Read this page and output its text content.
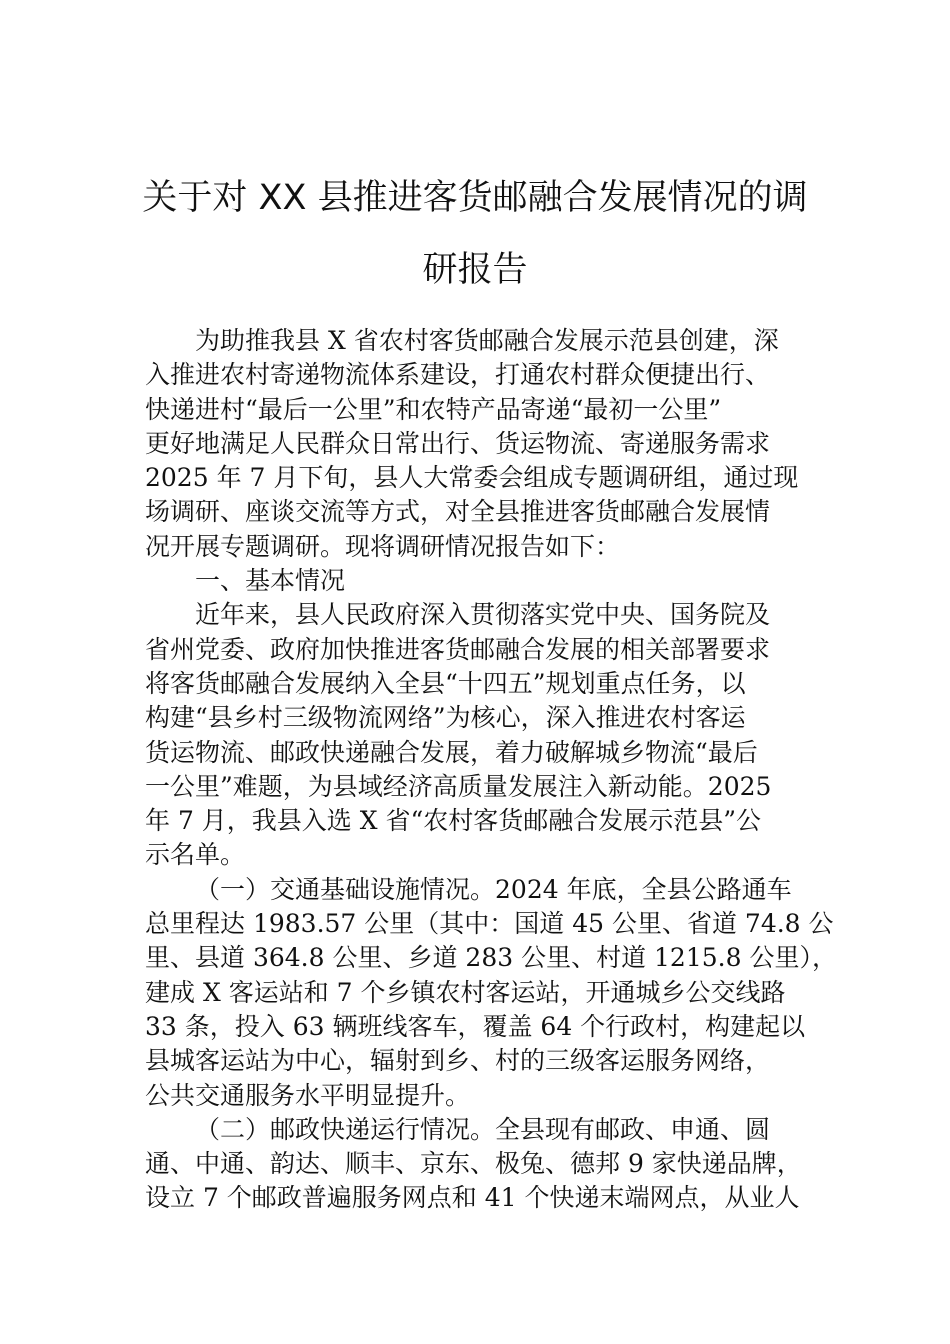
关于对 XX 县推进客货邮融合发展情况的调
研报告
为助推我县 X 省农村客货邮融合发展示范县创建，深
入推进农村寄递物流体系建设，打通农村群众便捷出行、
快递进村“最后一公里”和农特产品寄递“最初一公里”
更好地满足人民群众日常出行、货运物流、寄递服务需求
2025 年 7 月下旬，县人大常委会组成专题调研组，通过现
场调研、座谈交流等方式，对全县推进客货邮融合发展情
况开展专题调研。现将调研情况报告如下：
一、基本情况
近年来，县人民政府深入贯彻落实党中央、国务院及
省州党委、政府加快推进客货邮融合发展的相关部署要求
将客货邮融合发展纳入全县“十四五”规划重点任务，以
构建“县乡村三级物流网络”为核心，深入推进农村客运
货运物流、邮政快递融合发展，着力破解城乡物流“最后
一公里”难题，为县域经济高质量发展注入新动能。2025
年 7 月，我县入选 X 省“农村客货邮融合发展示范县”公
示名单。
（一）交通基础设施情况。2024 年底，全县公路通车
总里程达 1983.57 公里（其中：国道 45 公里、省道 74.8 公
里、县道 364.8 公里、乡道 283 公里、村道 1215.8 公里），
建成 X 客运站和 7 个乡镇农村客运站，开通城乡公交线路
33 条，投入 63 辆班线客车，覆盖 64 个行政村，构建起以
县城客运站为中心，辐射到乡、村的三级客运服务网络，
公共交通服务水平明显提升。
（二）邮政快递运行情况。全县现有邮政、申通、圆
通、中通、韵达、顺丰、京东、极兔、德邦 9 家快递品牌，
设立 7 个邮政普遍服务网点和 41 个快递末端网点，从业人
